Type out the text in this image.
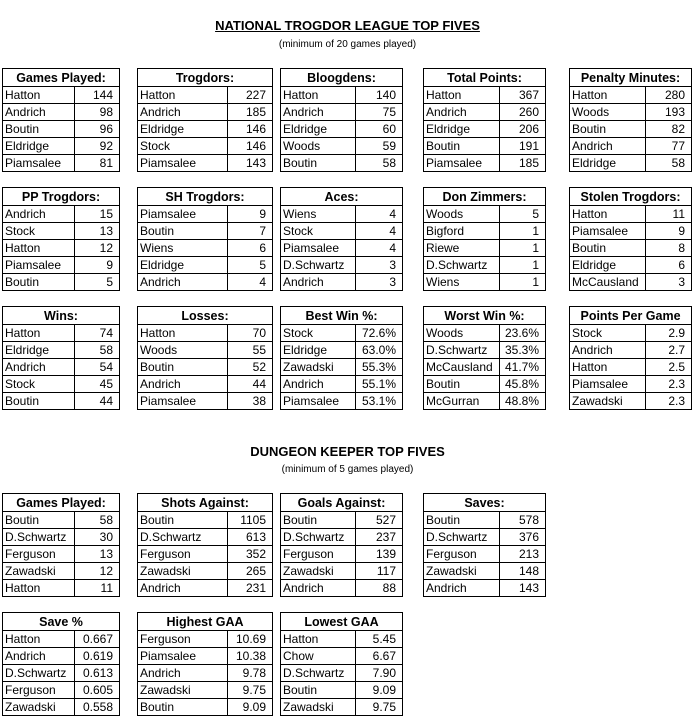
NATIONAL TROGDOR LEAGUE TOP FIVES
(minimum of 20 games played)
DUNGEON KEEPER TOP FIVES
(minimum of 5 games played)
Games Played:	
Hatton	144
Andrich	98
Boutin	96
Eldridge	92
Piamsalee	81
Trogdors:	
Hatton	227
Andrich	185
Eldridge	146
Stock	146
Piamsalee	143
Bloogdens:	
Hatton	140
Andrich	75
Eldridge	60
Woods	59
Boutin	58
Total Points:	
Hatton	367
Andrich	260
Eldridge	206
Boutin	191
Piamsalee	185
Penalty Minutes:	
Hatton	280
Woods	193
Boutin	82
Andrich	77
Eldridge	58
PP Trogdors:	
Andrich	15
Stock	13
Hatton	12
Piamsalee	9
Boutin	5
SH Trogdors:	
Piamsalee	9
Boutin	7
Wiens	6
Eldridge	5
Andrich	4
Aces:	
Wiens	4
Stock	4
Piamsalee	4
D.Schwartz	3
Andrich	3
Don Zimmers:	
Woods	5
Bigford	1
Riewe	1
D.Schwartz	1
Wiens	1
Stolen Trogdors:	
Hatton	11
Piamsalee	9
Boutin	8
Eldridge	6
McCausland	3
Wins:	
Hatton	74
Eldridge	58
Andrich	54
Stock	45
Boutin	44
Losses:	
Hatton	70
Woods	55
Boutin	52
Andrich	44
Piamsalee	38
Best Win %:	
Stock	72.6%
Eldridge	63.0%
Zawadski	55.3%
Andrich	55.1%
Piamsalee	53.1%
Worst Win %:	
Woods	23.6%
D.Schwartz	35.3%
McCausland	41.7%
Boutin	45.8%
McGurran	48.8%
Points Per Game	
Stock	2.9
Andrich	2.7
Hatton	2.5
Piamsalee	2.3
Zawadski	2.3
Games Played:	
Boutin	58
D.Schwartz	30
Ferguson	13
Zawadski	12
Hatton	11
Shots Against:	
Boutin	1105
D.Schwartz	613
Ferguson	352
Zawadski	265
Andrich	231
Goals Against:	
Boutin	527
D.Schwartz	237
Ferguson	139
Zawadski	117
Andrich	88
Saves:	
Boutin	578
D.Schwartz	376
Ferguson	213
Zawadski	148
Andrich	143
Save %	
Hatton	0.667
Andrich	0.619
D.Schwartz	0.613
Ferguson	0.605
Zawadski	0.558
Highest GAA	
Ferguson	10.69
Piamsalee	10.38
Andrich	9.78
Zawadski	9.75
Boutin	9.09
Lowest GAA	
Hatton	5.45
Chow	6.67
D.Schwartz	7.90
Boutin	9.09
Zawadski	9.75
